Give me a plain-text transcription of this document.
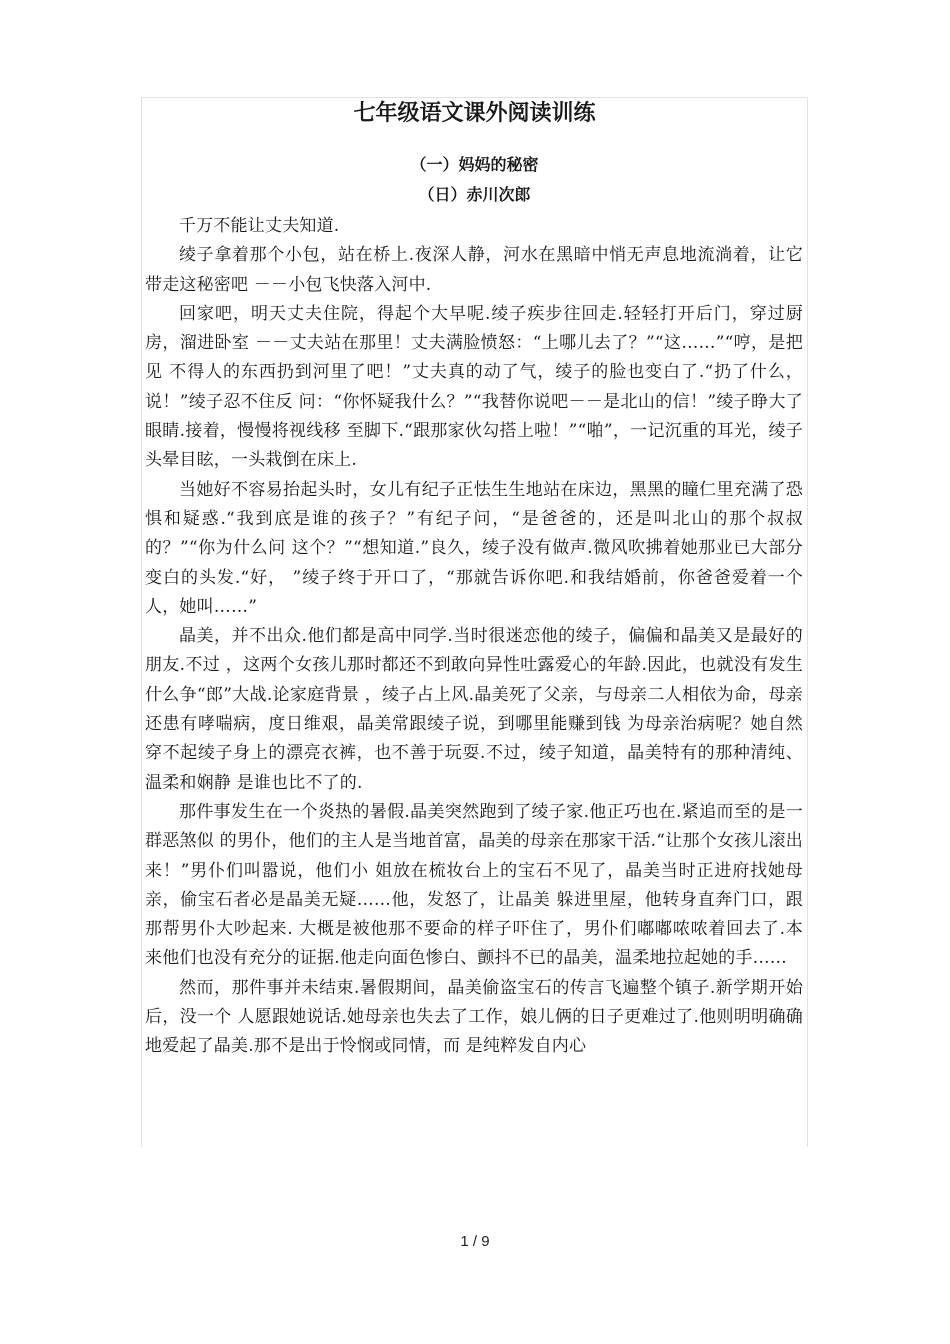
七年级语文课外阅读训练
（一）妈妈的秘密
（日）赤川次郎

千万不能让丈夫知道.

绫子拿着那个小包，站在桥上.夜深人静，河水在黑暗中悄无声息地流淌着，让它带走这秘密吧 －－小包飞快落入河中.

回家吧，明天丈夫住院，得起个大早呢.绫子疾步往回走.轻轻打开后门，穿过厨房，溜进卧室 －－丈夫站在那里！丈夫满脸愤怒：“上哪儿去了？”“这……”“哼，是把见 不得人的东西扔到河里了吧！”丈夫真的动了气，绫子的脸也变白了.“扔了什么，说！”绫子忍不住反 问：“你怀疑我什么？”“我替你说吧－－是北山的信！”绫子睁大了眼睛.接着，慢慢将视线移 至脚下.“跟那家伙勾搭上啦！”“啪”，一记沉重的耳光，绫子头晕目眩，一头栽倒在床上.

当她好不容易抬起头时，女儿有纪子正怯生生地站在床边，黑黑的瞳仁里充满了恐惧和疑惑.“我到底是谁的孩子？”有纪子问，“是爸爸的，还是叫北山的那个叔叔的？”“你为什么问 这个？”“想知道.”良久，绫子没有做声.微风吹拂着她那业已大部分变白的头发.“好， ”绫子终于开口了，“那就告诉你吧.和我结婚前，你爸爸爱着一个人，她叫……”

晶美，并不出众.他们都是高中同学.当时很迷恋他的绫子，偏偏和晶美又是最好的朋友.不过 ，这两个女孩儿那时都还不到敢向异性吐露爱心的年龄.因此，也就没有发生什么争“郎”大战.论家庭背景 ，绫子占上风.晶美死了父亲，与母亲二人相依为命，母亲还患有哮喘病，度日维艰，晶美常跟绫子说，到哪里能赚到钱 为母亲治病呢？她自然穿不起绫子身上的漂亮衣裤，也不善于玩耍.不过，绫子知道，晶美特有的那种清纯、温柔和娴静 是谁也比不了的.

那件事发生在一个炎热的暑假.晶美突然跑到了绫子家.他正巧也在.紧追而至的是一群恶煞似 的男仆，他们的主人是当地首富，晶美的母亲在那家干活.“让那个女孩儿滚出来！”男仆们叫嚣说，他们小 姐放在梳妆台上的宝石不见了，晶美当时正进府找她母亲，偷宝石者必是晶美无疑……他，发怒了，让晶美 躲进里屋，他转身直奔门口，跟那帮男仆大吵起来. 大概是被他那不要命的样子吓住了，男仆们嘟嘟哝哝着回去了.本 来他们也没有充分的证据.他走向面色惨白、颤抖不已的晶美，温柔地拉起她的手……

然而，那件事并未结束.暑假期间，晶美偷盗宝石的传言飞遍整个镇子.新学期开始后，没一个 人愿跟她说话.她母亲也失去了工作，娘儿俩的日子更难过了.他则明明确确地爱起了晶美.那不是出于怜悯或同情，而 是纯粹发自内心

1 / 9
